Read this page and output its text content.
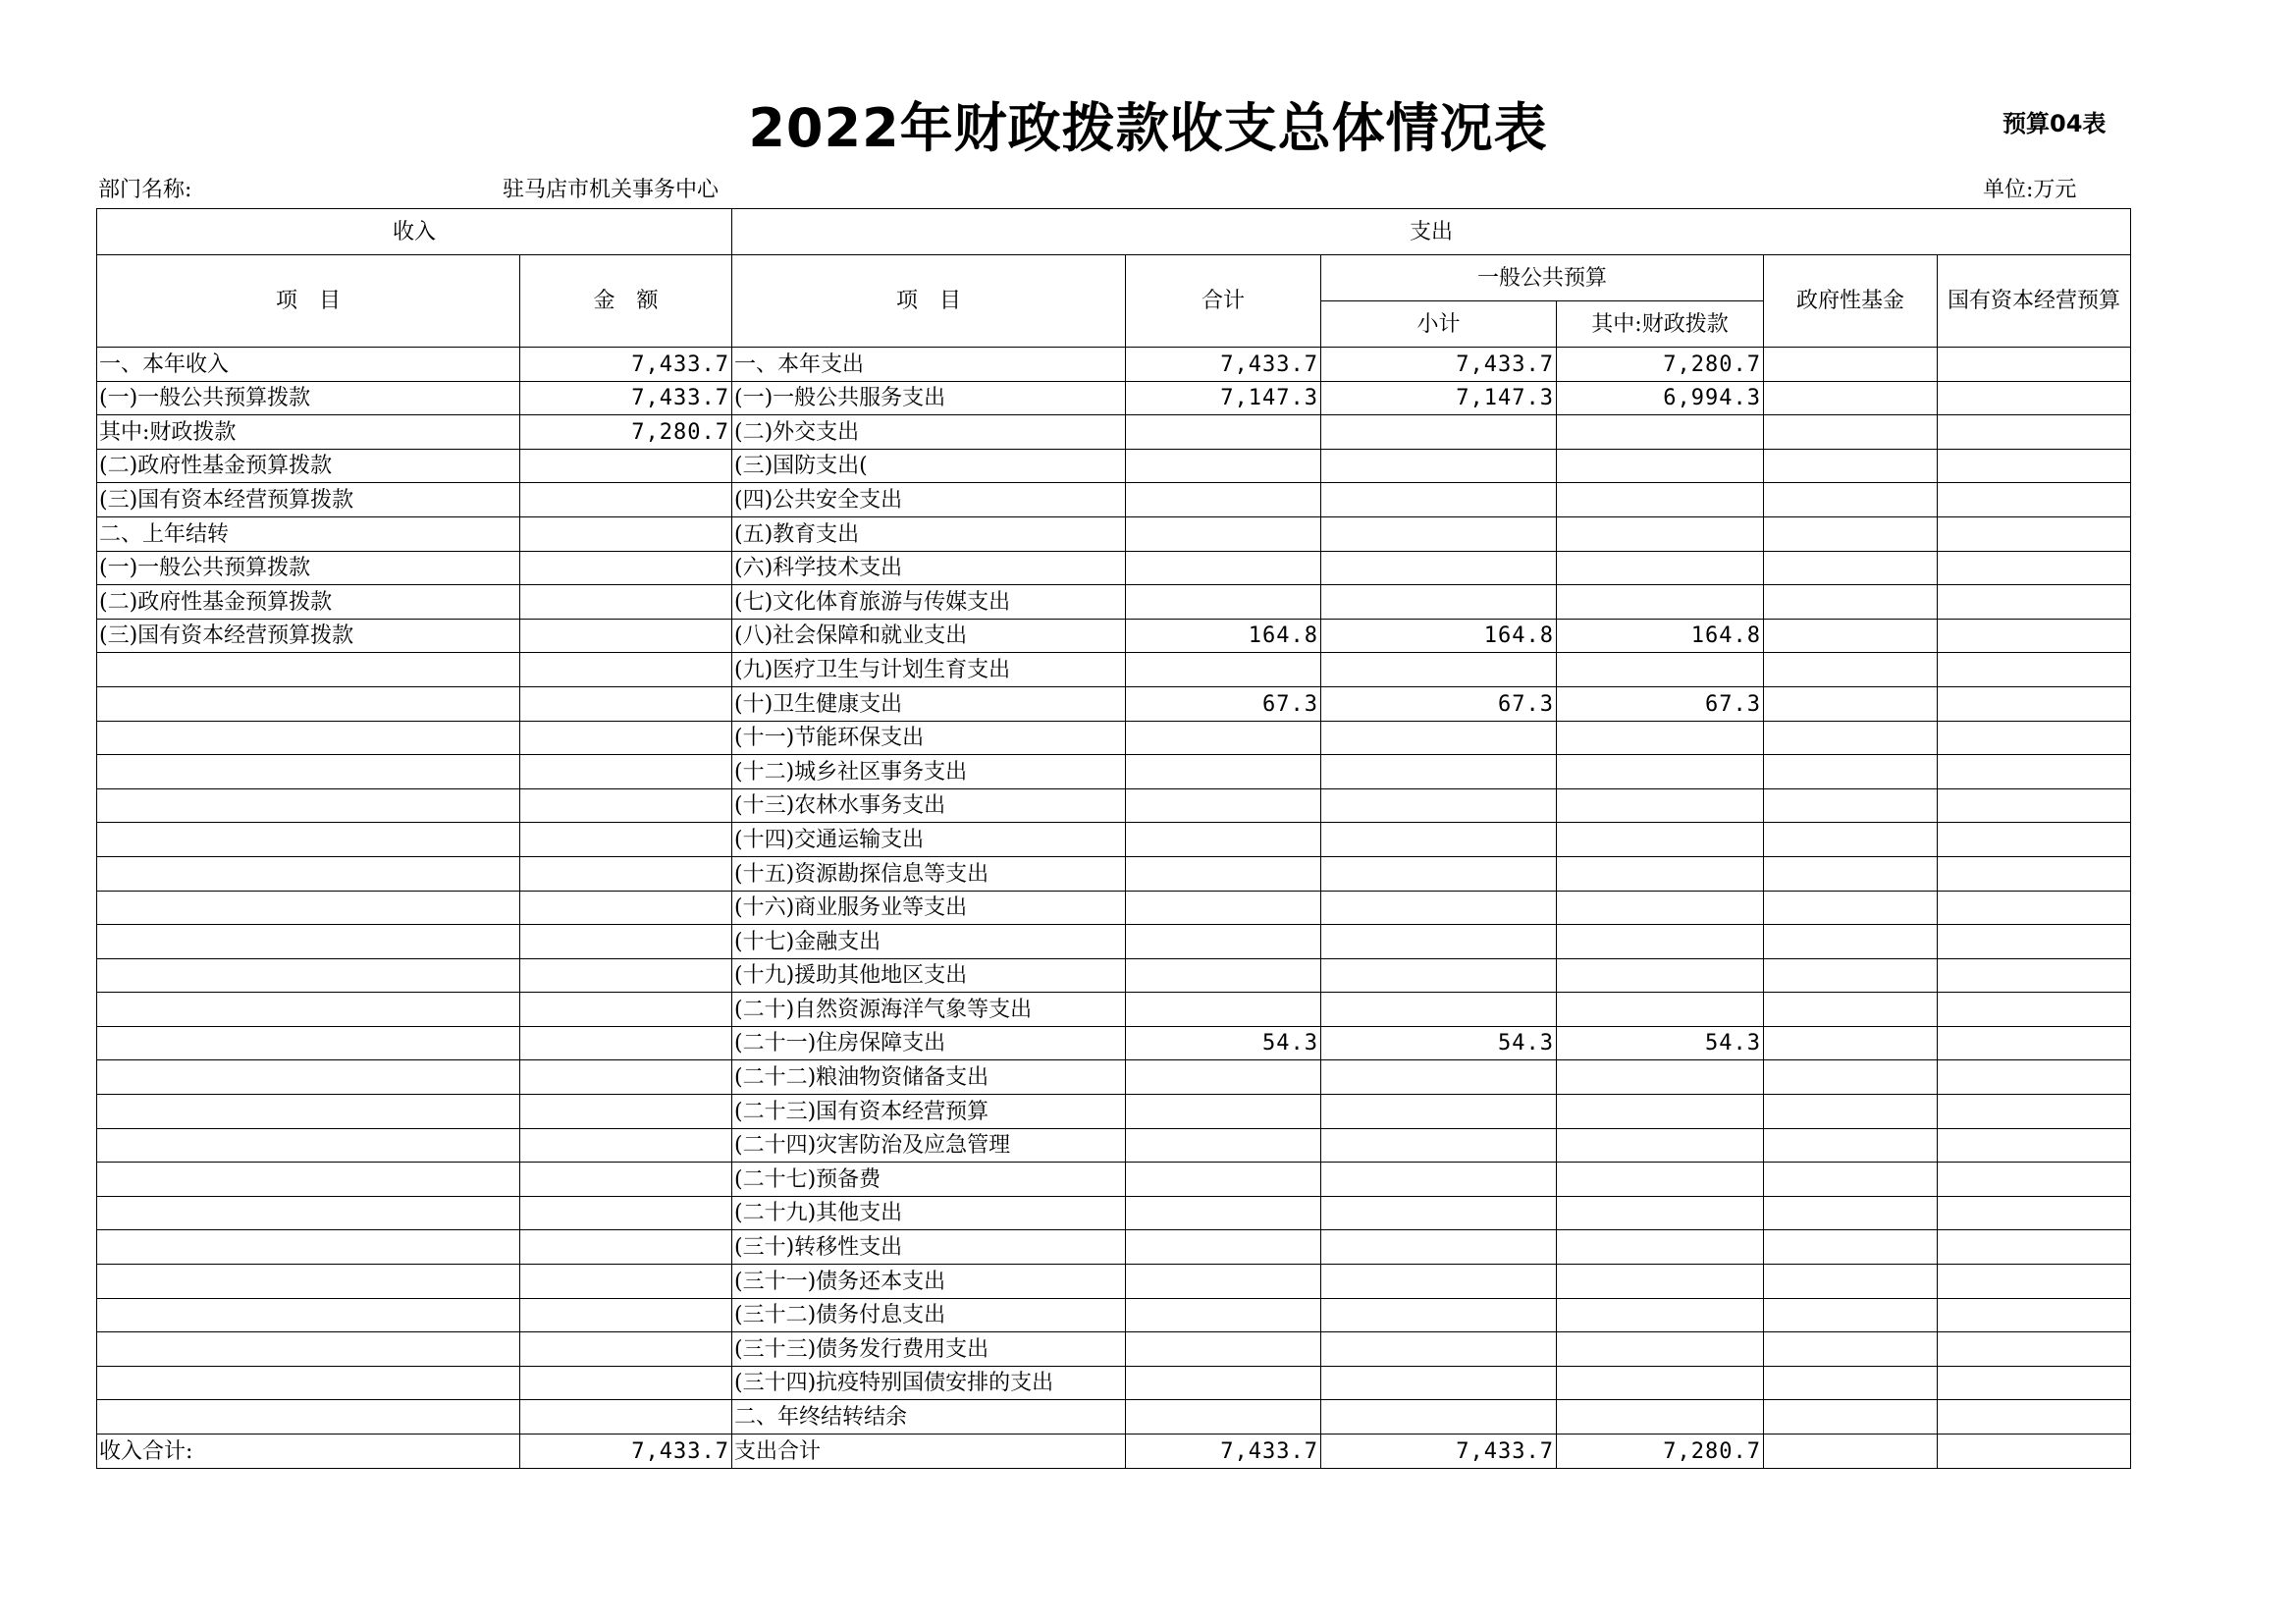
2022年财政拨款收支总体情况表	预算04表
部门名称:	驻马店市机关事务中心	单位:万元
收入		支出					
项　目	金　额	项　目	合计	一般公共预算		政府性基金	国有资本经营预算
				小计	其中:财政拨款		
一、本年收入	7,433.7	一、本年支出	7,433.7	7,433.7	7,280.7		
(一)一般公共预算拨款	7,433.7	(一)一般公共服务支出	7,147.3	7,147.3	6,994.3		
其中:财政拨款	7,280.7	(二)外交支出					
(二)政府性基金预算拨款		(三)国防支出(					
(三)国有资本经营预算拨款		(四)公共安全支出					
二、上年结转		(五)教育支出					
(一)一般公共预算拨款		(六)科学技术支出					
(二)政府性基金预算拨款		(七)文化体育旅游与传媒支出					
(三)国有资本经营预算拨款		(八)社会保障和就业支出	164.8	164.8	164.8		
		(九)医疗卫生与计划生育支出					
		(十)卫生健康支出	67.3	67.3	67.3		
		(十一)节能环保支出					
		(十二)城乡社区事务支出					
		(十三)农林水事务支出					
		(十四)交通运输支出					
		(十五)资源勘探信息等支出					
		(十六)商业服务业等支出					
		(十七)金融支出					
		(十九)援助其他地区支出					
		(二十)自然资源海洋气象等支出					
		(二十一)住房保障支出	54.3	54.3	54.3		
		(二十二)粮油物资储备支出					
		(二十三)国有资本经营预算					
		(二十四)灾害防治及应急管理					
		(二十七)预备费					
		(二十九)其他支出					
		(三十)转移性支出					
		(三十一)债务还本支出					
		(三十二)债务付息支出					
		(三十三)债务发行费用支出					
		(三十四)抗疫特别国债安排的支出					
		二、年终结转结余					
收入合计:	7,433.7	支出合计	7,433.7	7,433.7	7,280.7		
